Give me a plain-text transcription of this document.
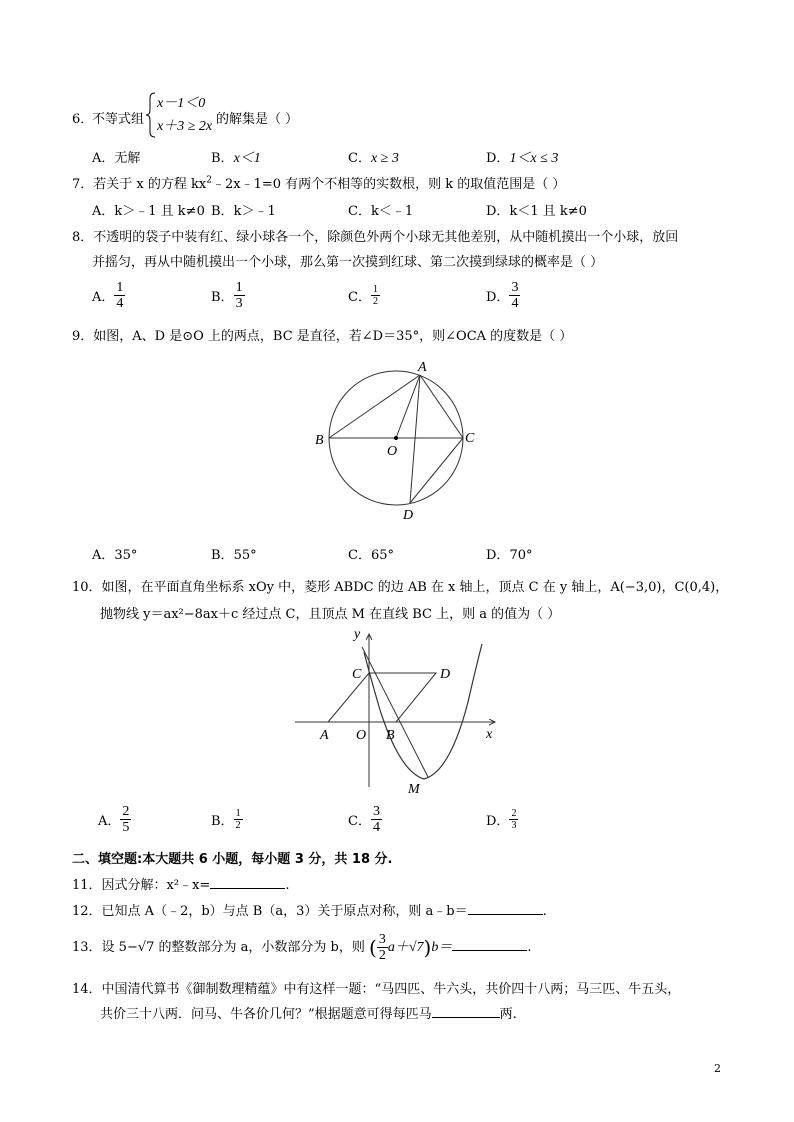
6．
不等式组
x－1＜0
x＋3 ≥ 2x 的解集是（ ）
A．无解	B．x＜1	C．x ≥ 3	D．1＜x ≤ 3
7．若关于 x 的方程 $kx^2﹣2x﹣1=0$ 有两个不相等的实数根，则 k 的取值范围是（ ）
A．k＞﹣1 且 k≠0 B．k＞﹣1	C．k＜﹣1	D．k＜1 且 k≠0
8．不透明的袋子中装有红、绿小球各一个，除颜色外两个小球无其他差别，从中随机摸出一个小球，放回
并摇匀，再从中随机摸出一个小球，那么第一次摸到红球、第二次摸到绿球的概率是（ ）
A． $\frac{1}{4}$	B． $\frac{1}{3}$	C． $\frac{1}{2}$	D． $\frac{3}{4}$
9．如图，A、D 是⊙O 上的两点，BC 是直径，若∠D＝35°，则∠OCA 的度数是（ ）
A
B	C
D
O
A．35°	B．55°	C．65°	D．70°
10．如图，在平面直角坐标系 xOy 中，菱形 ABDC 的边 AB 在 x 轴上，顶点 C 在 y 轴上，A(−3,0)，C(0,4)，
抛物线 y＝ax²−8ax＋c 经过点 C，且顶点 M 在直线 BC 上，则 a 的值为（ ）
y
x
C	D
A O B
M
A． $\frac{2}{5}$	B． $\frac{1}{2}$	C． $\frac{3}{4}$	D． $\frac{2}{3}$
二、填空题:本大题共 6 小题，每小题 3 分，共 18 分.
11．因式分解：x²﹣x=	.
12．已知点 A（﹣2，b）与点 B（a，3）关于原点对称，则 a﹣b＝	.
13．设 5−√7 的整数部分为 a，小数部分为 b，则 ( $\frac{3}{2} a+√7)b=$	.
14．中国清代算书《御制数理精蕴》中有这样一题：“马四匹、牛六头，共价四十八两；马三匹、牛五头，
共价三十八两．问马、牛各价几何？”根据题意可得每匹马	两.
2
